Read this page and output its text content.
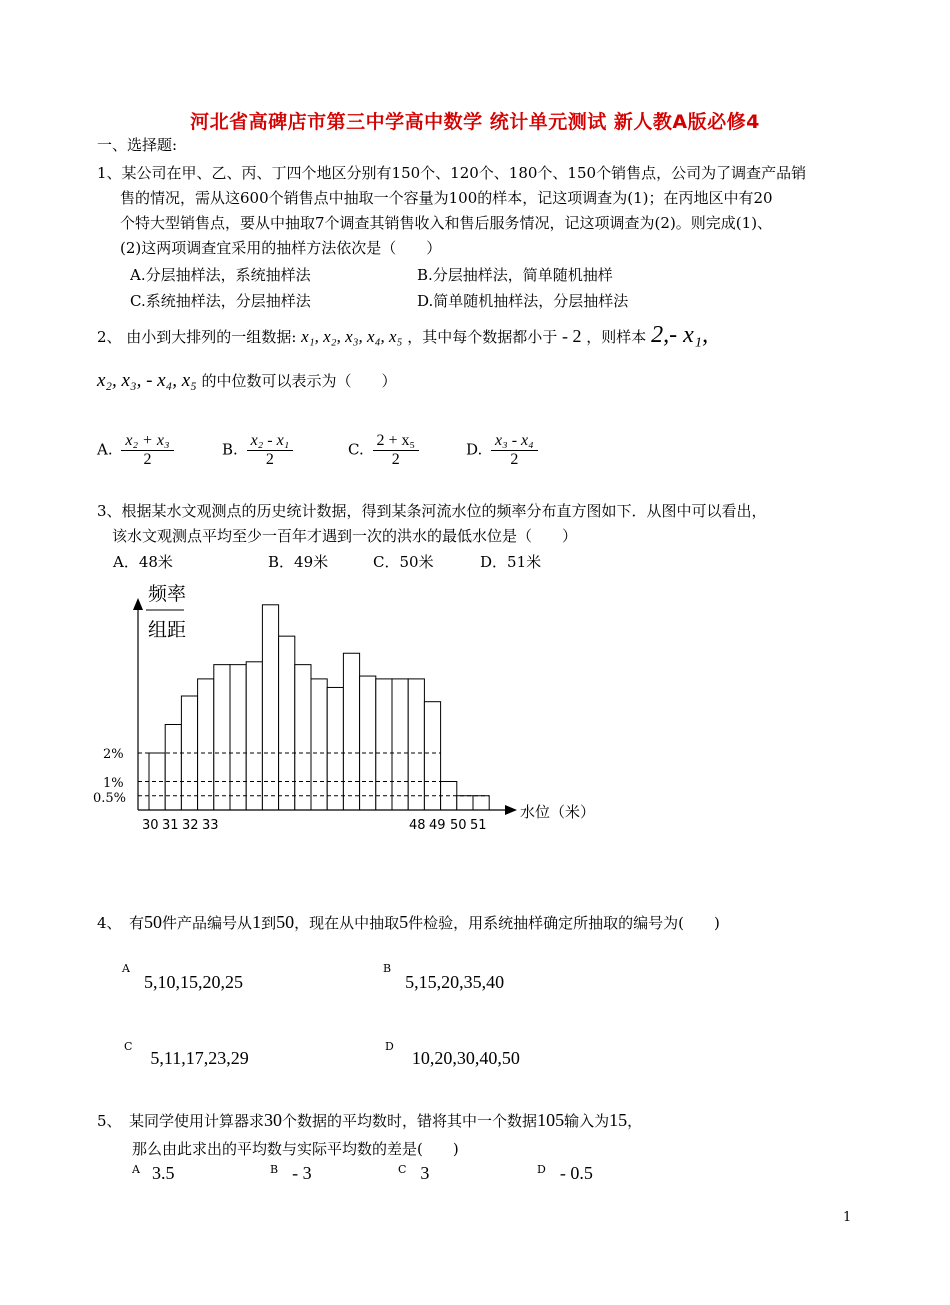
河北省高碑店市第三中学高中数学 统计单元测试 新人教A版必修4
一、选择题:
1、某公司在甲、乙、丙、丁四个地区分别有150个、120个、180个、150个销售点，公司为了调查产品销
售的情况，需从这600个销售点中抽取一个容量为100的样本，记这项调查为(1)；在丙地区中有20
个特大型销售点，要从中抽取7个调查其销售收入和售后服务情况，记这项调查为(2)。则完成(1)、
(2)这两项调查宜采用的抽样方法依次是（　　）
A.分层抽样法，系统抽样法	B.分层抽样法，简单随机抽样
C.系统抽样法，分层抽样法	D.简单随机抽样法，分层抽样法
2、 由小到大排列的一组数据: x₁, x₂, x₃, x₄, x₅ ，其中每个数据都小于 - 2 ，则样本 2,- x₁,
x₂, x₃, - x₄, x₅ 的中位数可以表示为（　　）
A. $\frac{\text{x₂ + x₃}}{2}$	B. $\frac{\text{x₂ - x₁}}{2}$	C. $\frac{\text{2 + x₅}}{2}$	D. $\frac{\text{x₃ - x₄}}{2}$
3、根据某水文观测点的历史统计数据，得到某条河流水位的频率分布直方图如下．从图中可以看出，
该水文观测点平均至少一百年才遇到一次的洪水的最低水位是（　　）
A．48米	B．49米	C．50米	D．51米
频率
组距
2%
1%
0.5%
30 31 32 33	48 49 50 51
水位（米）
4、　有50件产品编号从1到50，现在从中抽取5件检验，用系统抽样确定所抽取的编号为(　　)
$^A$5,10,15,20,25
$^B$5,15,20,35,40
$^C$5,11,17,23,29
$^D$10,20,30,40,50
5、　某同学使用计算器求30个数据的平均数时，错将其中一个数据105输入为15，
那么由此求出的平均数与实际平均数的差是(　　)
$^A$ 3.5	$^B$ - 3	$^C$ 3	$^D$ - 0.5
1
